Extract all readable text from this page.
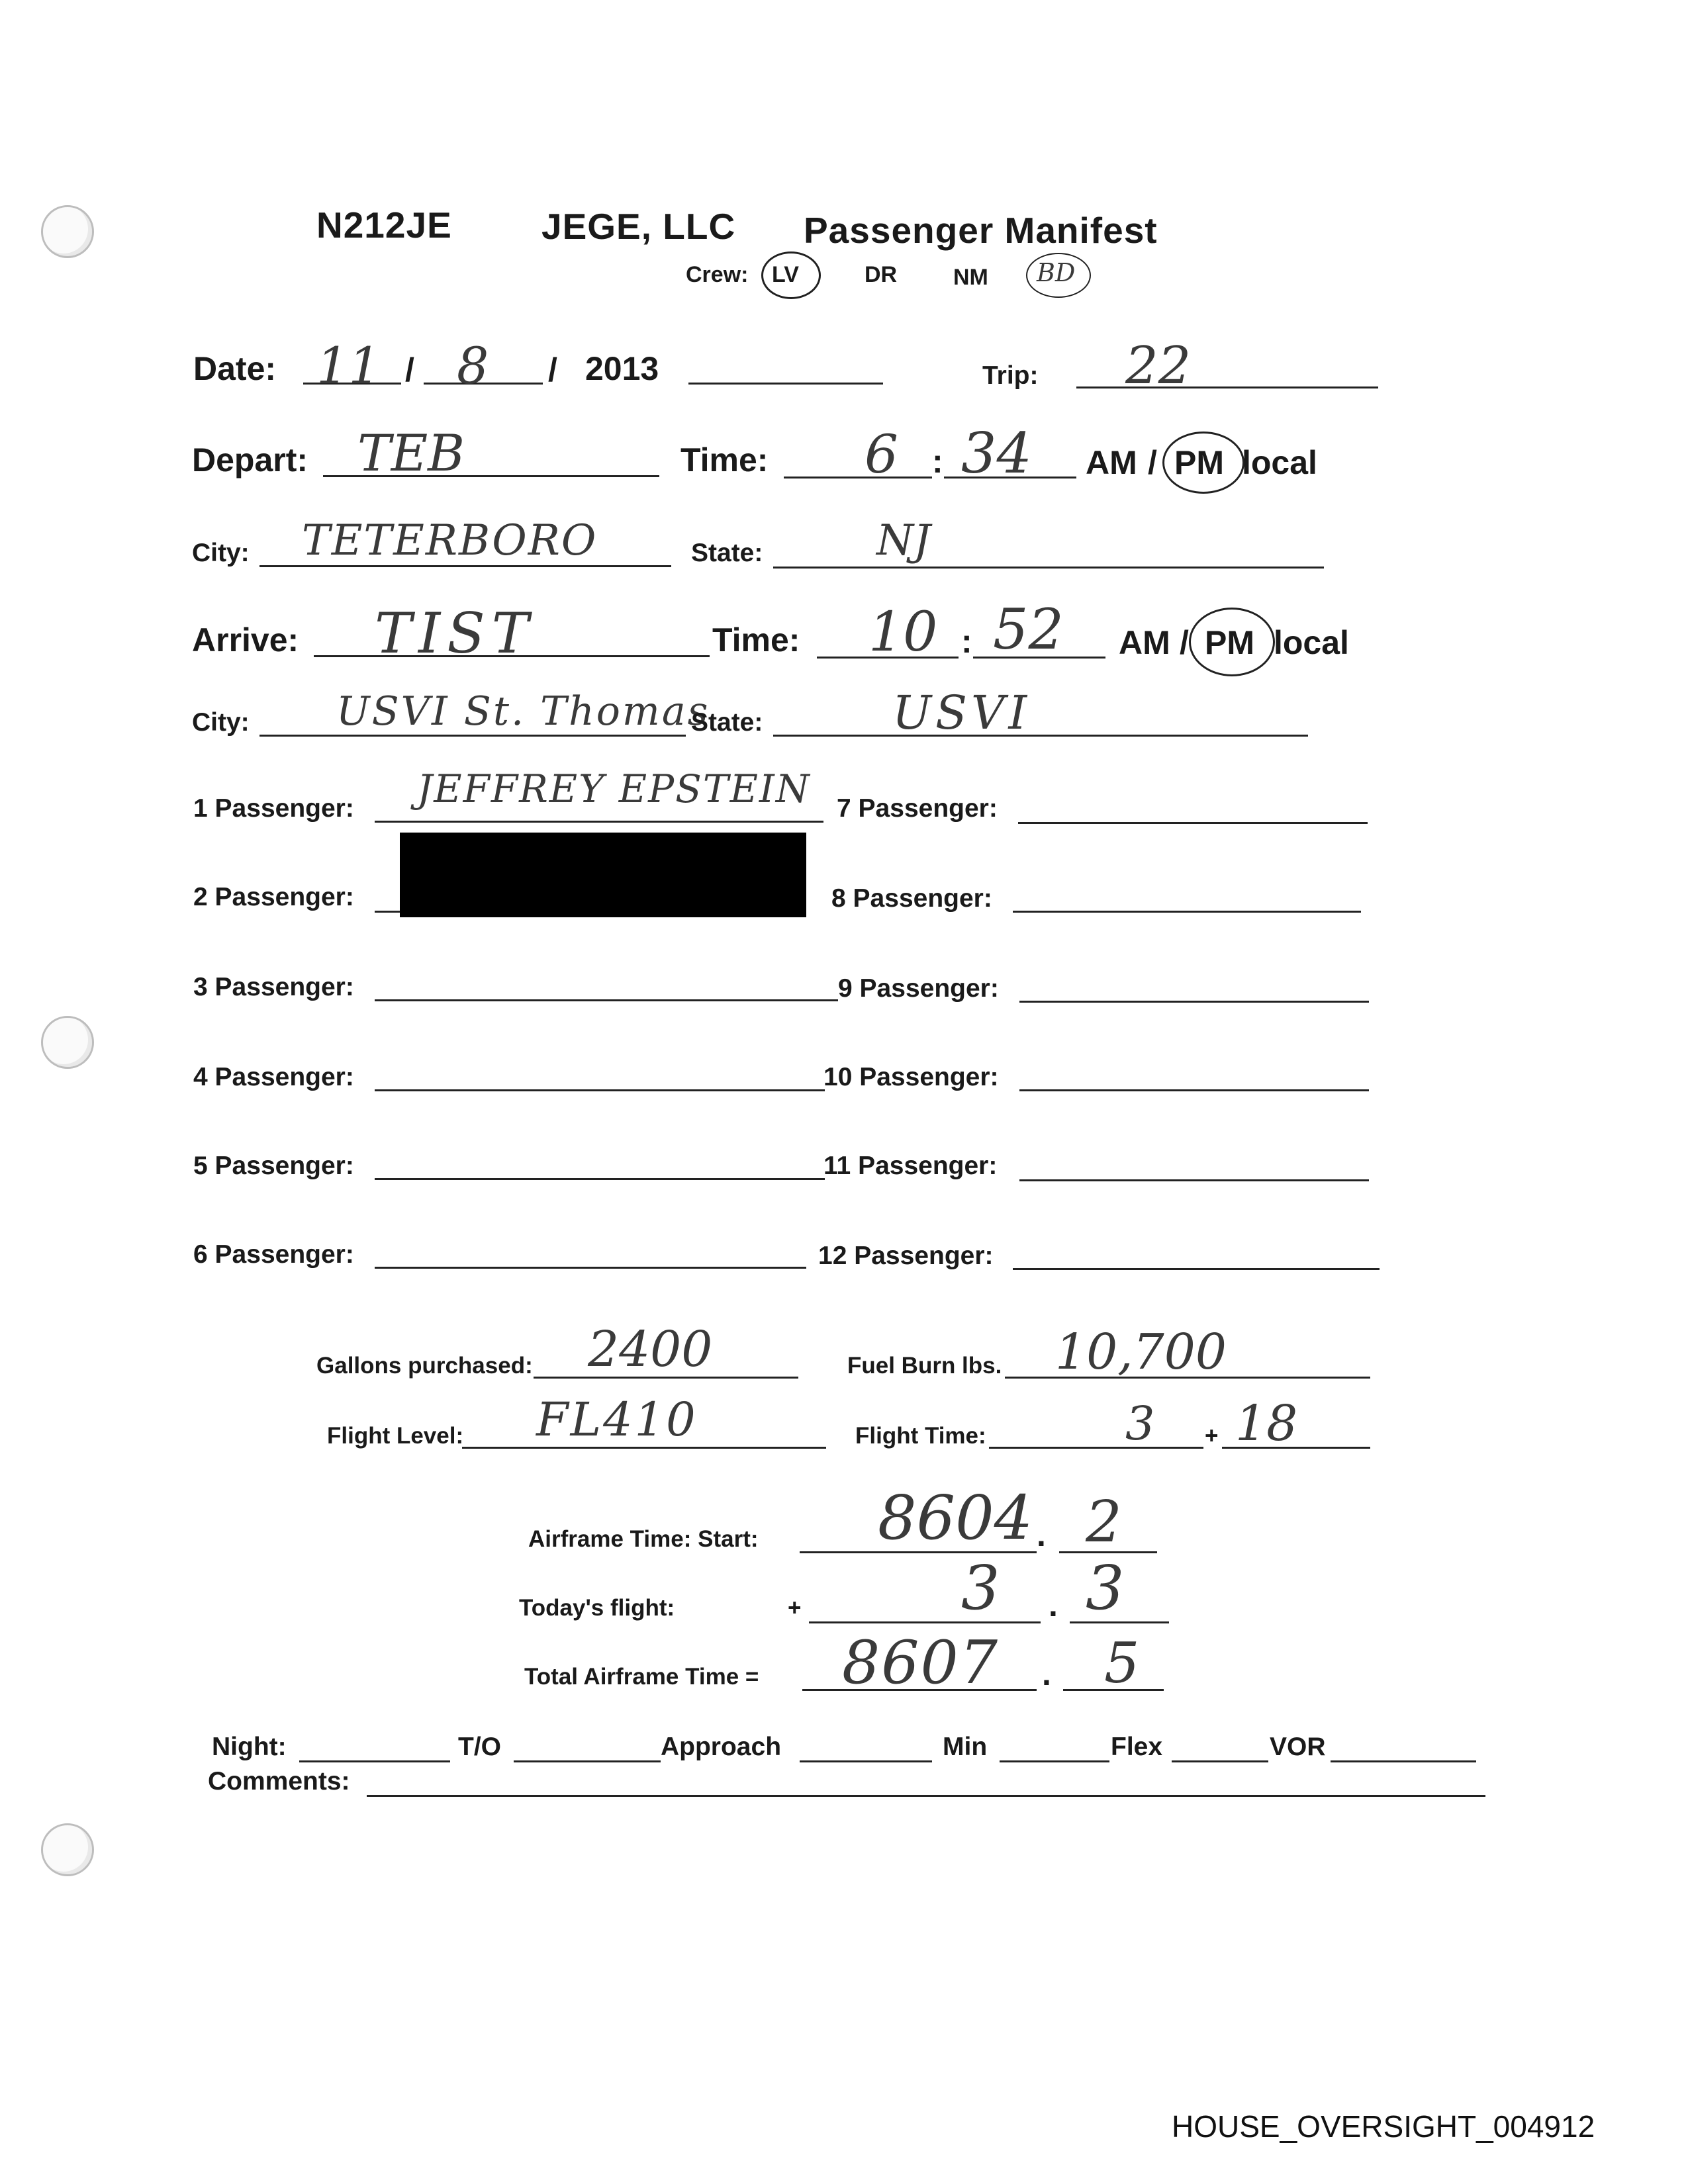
N212JE JEGE, LLC Passenger Manifest
Crew: LV	DR NM BD
Date: 11 / 8 / 2013	Trip: 22
Depart: TEB	Time: 6 : 34 AM / PM local
City: TETERBORO	State:	NJ
Arrive: TIST	Time: 10 : 52 AM / PM local
City: USVI St. Thomas
State:	USVI
1 Passenger: JEFFREY EPSTEIN
2 Passenger:
3 Passenger:
4 Passenger:
5 Passenger:
6 Passenger:
7 Passenger:
8 Passenger:
9 Passenger:
10 Passenger:
11 Passenger:
12 Passenger:
Gallons purchased: 2400	Fuel Burn lbs. 10,700
Flight Level: FL410	Flight Time:	3 + 18
Airframe Time: Start: 8604 . 2
Today's flight:	+	3 . 3
Total Airframe Time = 8607 . 5
Night:	T/O	Approach	Min	Flex	VOR
Comments:
HOUSE_OVERSIGHT_004912
